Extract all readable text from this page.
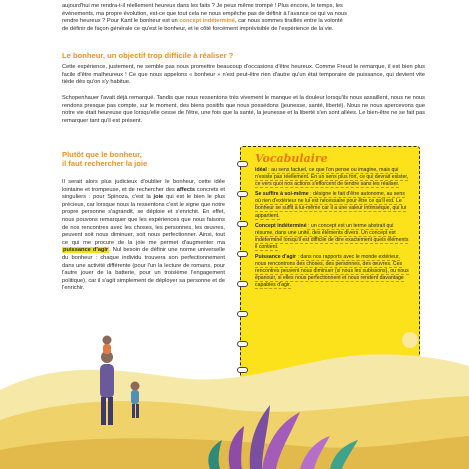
aujourd'hui me rendra-t-il réellement heureux dans les faits ? Je peux même trompé ! Plus encore, le temps, les

événements, ma propre évolution, est-ce que tout cela ne nous empêche pas de définir à l'avance ce qui va nous

rendre heureux ? Pour Kant le bonheur est un concept indéterminé, car nous sommes tiraillés entre la volonté

de définir de façon générale ce qu'est le bonheur, et le côté forcément imprévisible de l'expérience de la vie.

Le bonheur, un objectif trop difficile à réaliser ?

Cette expérience, justement, ne semble pas nous promettre beaucoup d'occasions d'être heureux. Comme Freud le remarque, il est bien plus facile d'être malheureux ! Ce que nous appelons « bonheur » n'est peut-être rien d'autre qu'un état temporaire de puissance, qui devient vite tiède dès qu'on s'y habitue.

Schopenhauer l'avait déjà remarqué. Tandis que nous ressentons très vivement le manque et la douleur lorsqu'ils nous assaillent, nous ne nous rendons presque pas compte, sur le moment, des biens positifs que nous possédons (jeunesse, santé, liberté). Nous ne nous apercevons que notre vie était heureuse que lorsqu'elle cesse de l'être, une fois que la santé, la jeunesse et la liberté s'en sont allées. Le bien-être ne se fait pas remarquer tant qu'il est présent.

Plutôt que le bonheur,
il faut rechercher la joie
Il serait alors plus judicieux d'oublier le bonheur, cette idée lointaine et trompeuse, et de rechercher des affects concrets et singuliers : pour Spinoza, c'est la joie qui est le bien le plus précieux, car lorsque nous la ressentons c'est le signe que notre propre personne s'agrandit, se déploie et s'enrichit. En effet, nous pouvons remarquer que les expériences que nous faisons de nos rencontres avec les choses, les personnes, les œuvres, peuvent soit nous diminuer, soit nous perfectionner. Ainsi, tout ce qui me procure de la joie me permet d'augmenter ma puissance d'agir. Nul besoin de définir une norme universelle du bonheur : chaque individu trouvera son perfectionnement dans une activité différente (pour l'un la lecture de romans, pour l'autre jouer de la batterie, pour un troisième l'engagement politique), car il s'agit simplement de déployer sa personne et de l'enrichir.
Vocabulaire

idéal : au sens factuel, ce que l'on pense ou imagine, mais qui n'existe pas réellement. En un sens plus fort, ce qui devrait exister, ce vers quoi nos actions s'efforcent de tendre sans les réaliser.

Se suffire à soi-même : désigne le fait d'être autonome, au sens où rien d'extérieur ne lui est nécessaire pour être ce qu'il est. Le bonheur se suffit à lui-même car il a une valeur intrinsèque, qui lui appartient.

Concept indéterminé : un concept est un terme abstrait qui résume, dans une unité, des éléments divers. Un concept est indéterminé lorsqu'il est difficile de dire exactement quels éléments il contient.

Puissance d'agir : dans nos rapports avec le monde extérieur, nous rencontrons des choses, des personnes, des œuvres. Ces rencontres peuvent nous diminuer (si nous les subissons), ou nous épanouir, si elles nous perfectionnent et nous rendent davantage capables d'agir.
